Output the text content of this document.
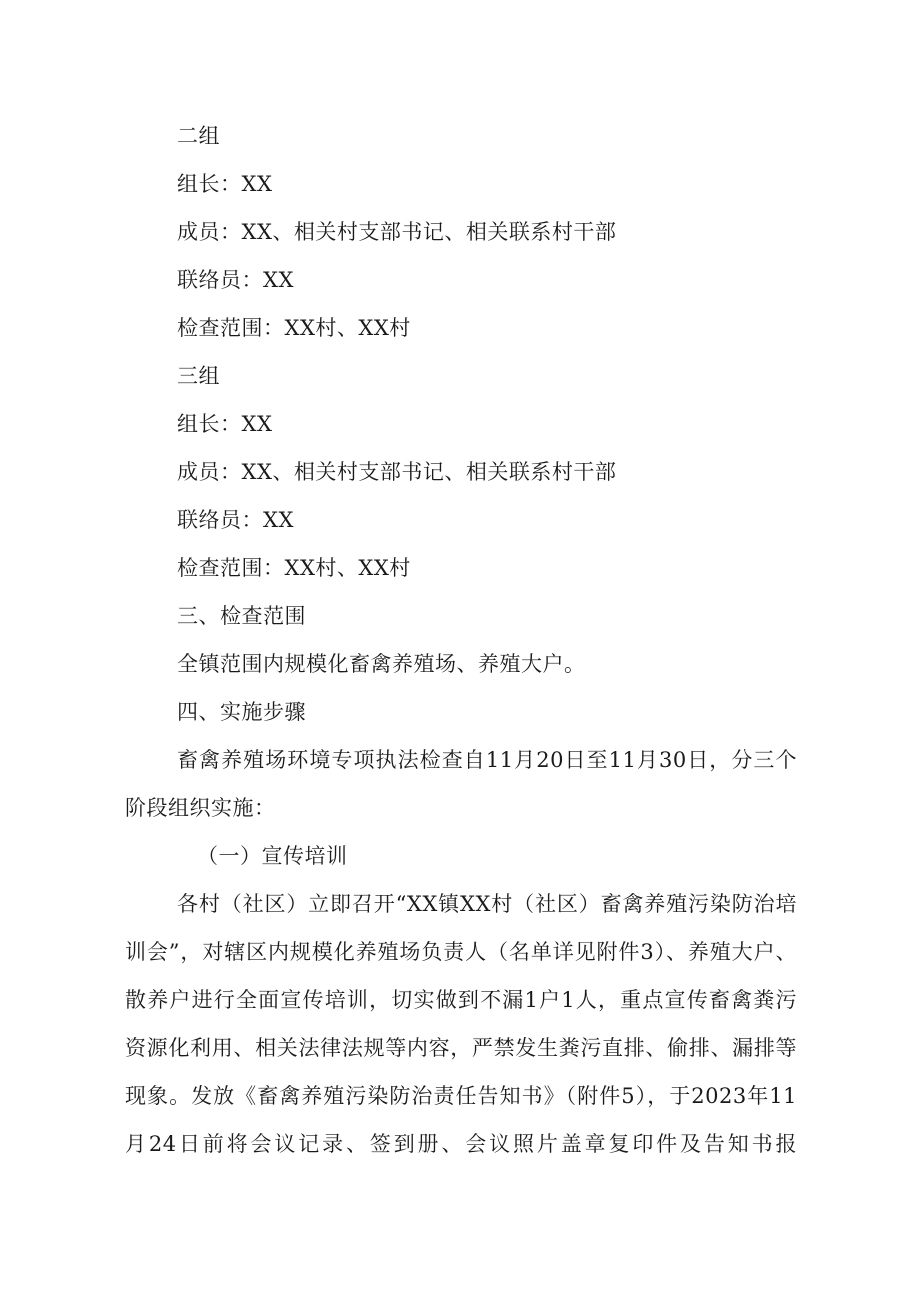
二组
组长：XX
成员：XX、相关村支部书记、相关联系村干部
联络员：XX
检查范围：XX村、XX村
三组
组长：XX
成员：XX、相关村支部书记、相关联系村干部
联络员：XX
检查范围：XX村、XX村
三、检查范围
全镇范围内规模化畜禽养殖场、养殖大户。
四、实施步骤
畜禽养殖场环境专项执法检查自11月20日至11月30日，分三个阶段组织实施：
（一）宣传培训
各村（社区）立即召开“XX镇XX村（社区）畜禽养殖污染防治培训会”，对辖区内规模化养殖场负责人（名单详见附件3）、养殖大户、散养户进行全面宣传培训，切实做到不漏1户1人，重点宣传畜禽粪污资源化利用、相关法律法规等内容，严禁发生粪污直排、偷排、漏排等现象。发放《畜禽养殖污染防治责任告知书》（附件5），于2023年11月24日前将会议记录、签到册、会议照片盖章复印件及告知书报
